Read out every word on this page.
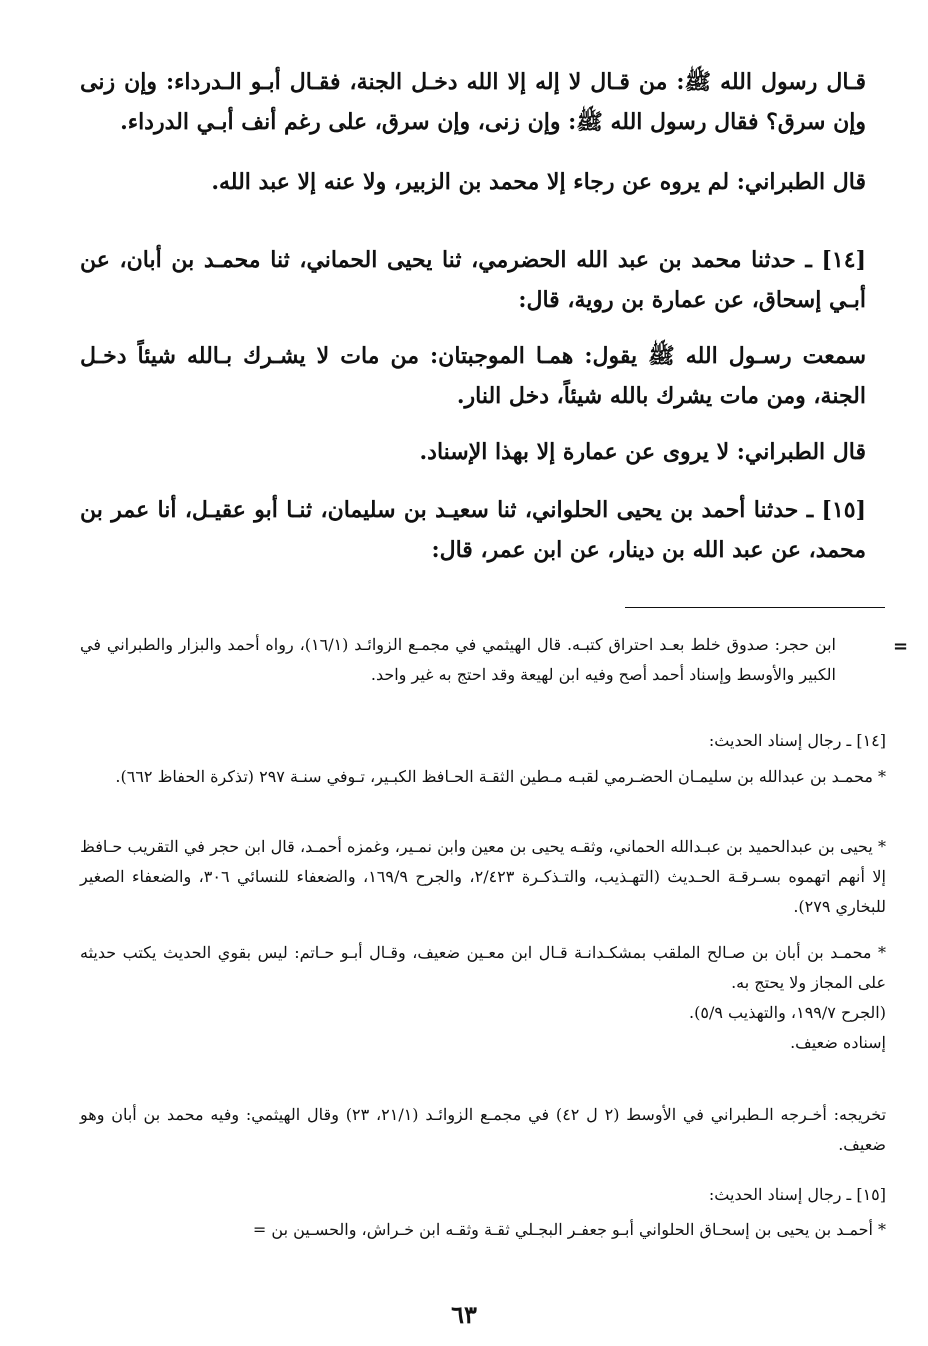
قـال رسول الله ﷺ: من قـال لا إله إلا الله دخـل الجنة، فقـال أبـو الـدرداء: وإن زنى وإن سرق؟ فقال رسول الله ﷺ: وإن زنى، وإن سرق، على رغم أنف أبـي الدرداء.

قال الطبراني: لم يروه عن رجاء إلا محمد بن الزبير، ولا عنه إلا عبد الله.

[١٤] ـ حدثنا محمد بن عبد الله الحضرمي، ثنا يحيى الحماني، ثنا محمـد بن أبان، عن أبـي إسحاق، عن عمارة بن روية، قال:

سمعت رسـول الله ﷺ يقول: همـا الموجبتان: من مات لا يشـرك بـالله شيئاً دخـل الجنة، ومن مات يشرك بالله شيئاً، دخل النار.

قال الطبراني: لا يروى عن عمارة إلا بهذا الإسناد.

[١٥] ـ حدثنا أحمد بن يحيى الحلواني، ثنا سعيـد بن سليمان، ثنـا أبو عقيـل، أنا عمر بن محمد، عن عبد الله بن دينار، عن ابن عمر، قال:

=

ابن حجر: صدوق خلط بعـد احتراق كتبـه. قال الهيثمي في مجمـع الزوائـد (١٦/١)، رواه أحمد والبزار والطبراني في الكبير والأوسط وإسناد أحمد أصح وفيه ابن لهيعة وقد احتج به غير واحد.

[١٤] ـ رجال إسناد الحديث:

* محمـد بن عبدالله بن سليمـان الحضـرمي لقبـه مـطين الثقـة الحـافظ الكبـير، تـوفي سنـة ٢٩٧ (تذكرة الحفاظ ٦٦٢).

* يحيى بن عبدالحميد بن عبـدالله الحماني، وثقـه يحيى بن معين وابن نمـير، وغمزه أحمـد، قال ابن حجر في التقريب حـافظ إلا أنهم اتهموه بسـرقـة الحـديث (التهـذيب، والتـذكـرة ٢/٤٢٣، والجرح ١٦٩/٩، والضعفاء للنسائي ٣٠٦، والضعفاء الصغير للبخاري ٢٧٩).

* محمـد بن أبان بن صـالح الملقب بمشكـدانـة قـال ابن معـين ضعيف، وقـال أبـو حـاتم: ليس بقوي الحديث يكتب حديثه على المجاز ولا يحتج به.

(الجرح ١٩٩/٧، والتهذيب ٥/٩).

إسناده ضعيف.

تخريجه: أخـرجه الـطبراني في الأوسط (٢ ل ٤٢) في مجمـع الزوائـد (٢١/١، ٢٣) وقال الهيثمي: وفيه محمد بن أبان وهو ضعيف.

[١٥] ـ رجال إسناد الحديث:

* أحمـد بن يحيى بن إسحـاق الحلواني أبـو جعفـر البجـلي ثقـة وثقـه ابن خـراش، والحسـين بن =

٦٣
